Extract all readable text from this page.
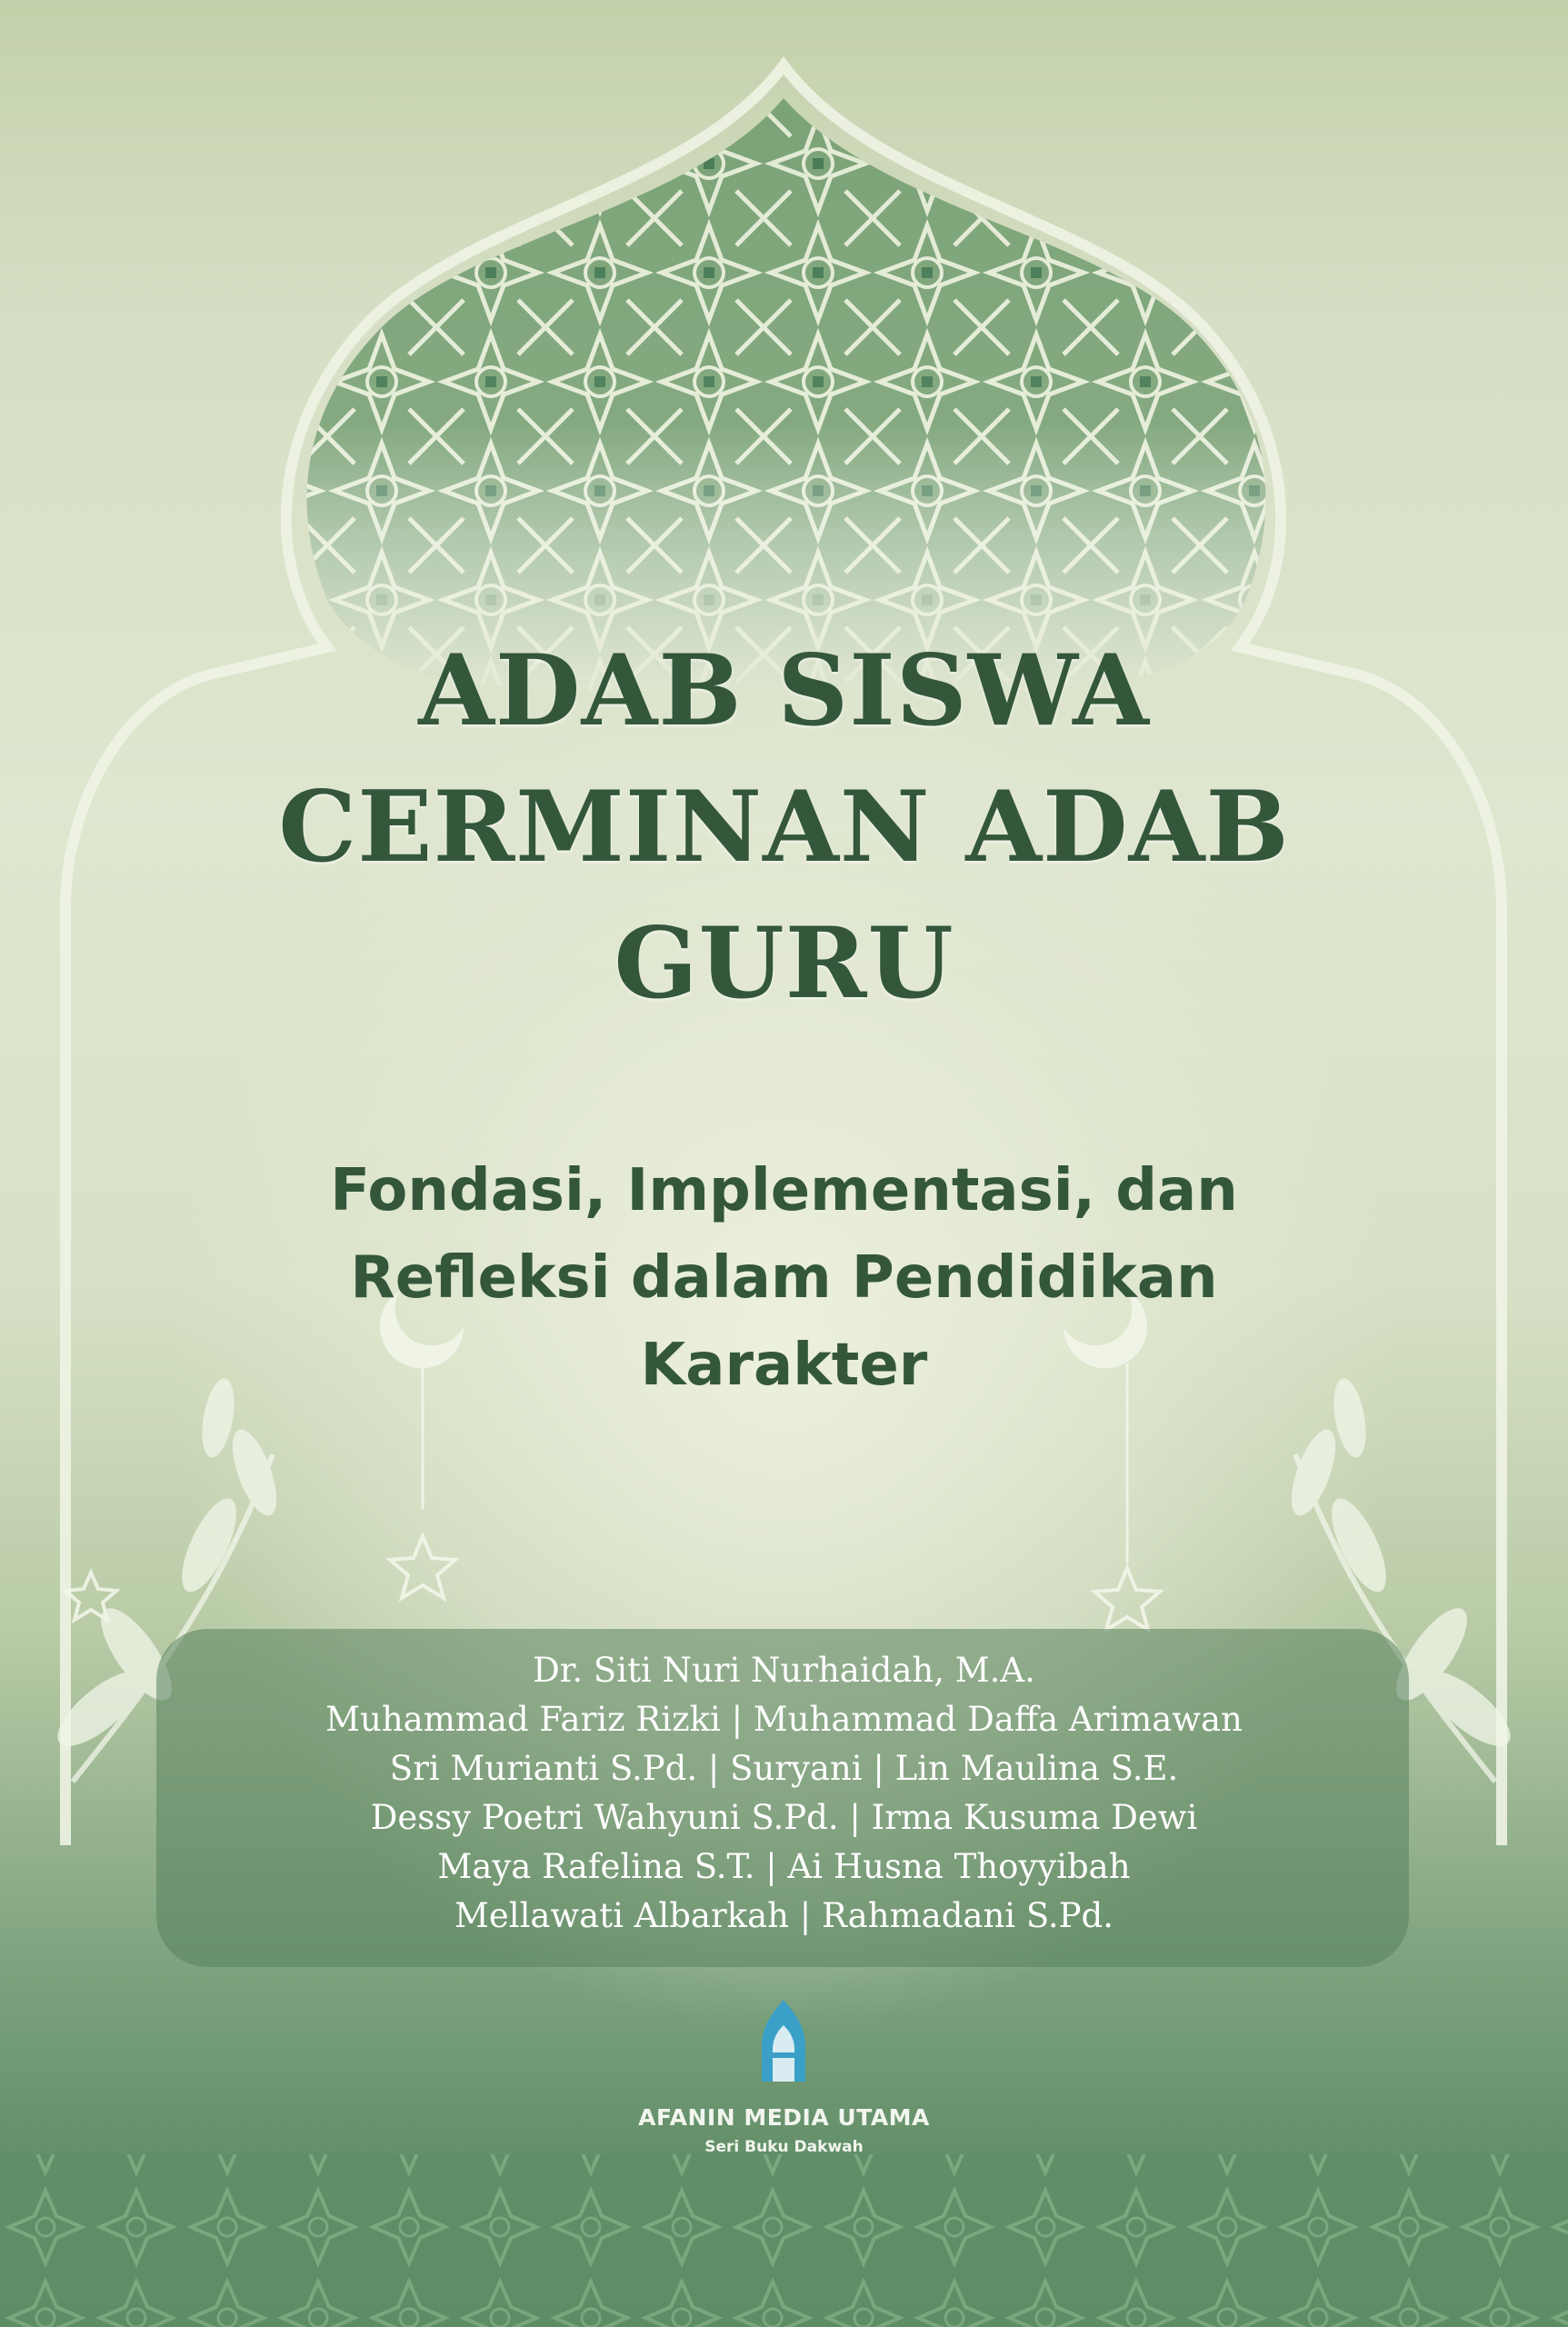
ADAB SISWA

CERMINAN ADAB

GURU

Fondasi, Implementasi, dan

Refleksi dalam Pendidikan

Karakter

Dr. Siti Nuri Nurhaidah, M.A.
Muhammad Fariz Rizki | Muhammad Daffa Arimawan
Sri Murianti S.Pd. | Suryani | Lin Maulina S.E.
Dessy Poetri Wahyuni S.Pd. | Irma Kusuma Dewi
Maya Rafelina S.T. | Ai Husna Thoyyibah
Mellawati Albarkah | Rahmadani S.Pd.
AFANIN MEDIA UTAMA
Seri Buku Dakwah
